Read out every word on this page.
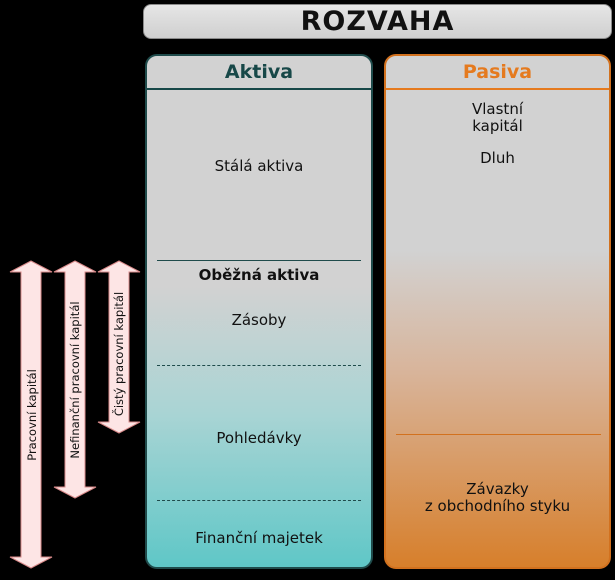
ROZVAHA
Aktiva
Stálá aktiva
Oběžná aktiva
Zásoby
Pohledávky
Finanční majetek
Pasiva
Vlastní
kapitál
Dluh
Závazky
z obchodního styku
Pracovní kapitál	Nefinanční pracovní kapitál	Čistý pracovní kapitál
